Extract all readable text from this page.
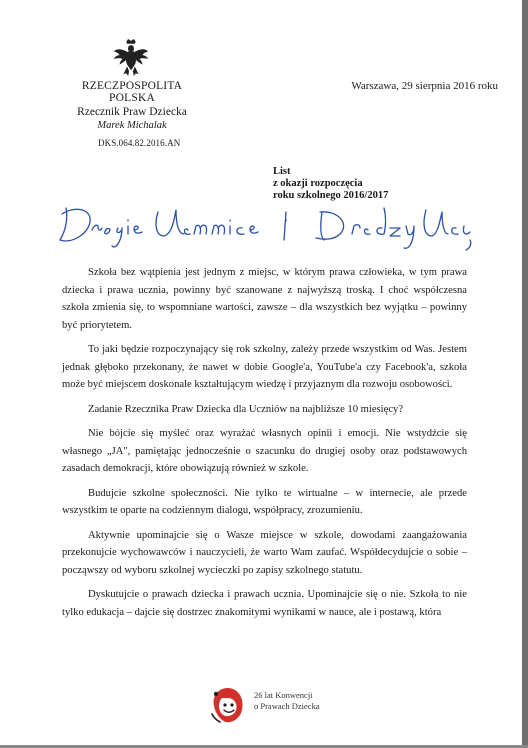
RZECZPOSPOLITA POLSKA
Rzecznik Praw Dziecka
Marek Michalak
DKS.064.82.2016.AN
Warszawa, 29 sierpnia 2016 roku
List
z okazji rozpoczęcia
roku szkolnego 2016/2017

Szkoła bez wątpienia jest jednym z miejsc, w którym prawa człowieka, w tym prawa dziecka i prawa ucznia, powinny być szanowane z najwyższą troską. I choć współczesna szkoła zmienia się, to wspomniane wartości, zawsze – dla wszystkich bez wyjątku – powinny być priorytetem.

To jaki będzie rozpoczynający się rok szkolny, zależy przede wszystkim od Was. Jestem jednak głęboko przekonany, że nawet w dobie Google'a, YouTube'a czy Facebook'a, szkoła może być miejscem doskonale kształtującym wiedzę i przyjaznym dla rozwoju osobowości.

Zadanie Rzecznika Praw Dziecka dla Uczniów na najbliższe 10 miesięcy?

Nie bójcie się myśleć oraz wyrażać własnych opinii i emocji. Nie wstydźcie się własnego „JA", pamiętając jednocześnie o szacunku do drugiej osoby oraz podstawowych zasadach demokracji, które obowiązują również w szkole.

Budujcie szkolne społeczności. Nie tylko te wirtualne – w internecie, ale przede wszystkim te oparte na codziennym dialogu, współpracy, zrozumieniu.

Aktywnie upominajcie się o Wasze miejsce w szkole, dowodami zaangażowania przekonujcie wychowawców i nauczycieli, że warto Wam zaufać. Współdecydujcie o sobie – począwszy od wyboru szkolnej wycieczki po zapisy szkolnego statutu.

Dyskutujcie o prawach dziecka i prawach ucznia. Upominajcie się o nie. Szkoła to nie tylko edukacja – dajcie się dostrzec znakomitymi wynikami w nauce, ale i postawą, która

26 lat Konwencji
o Prawach Dziecka
